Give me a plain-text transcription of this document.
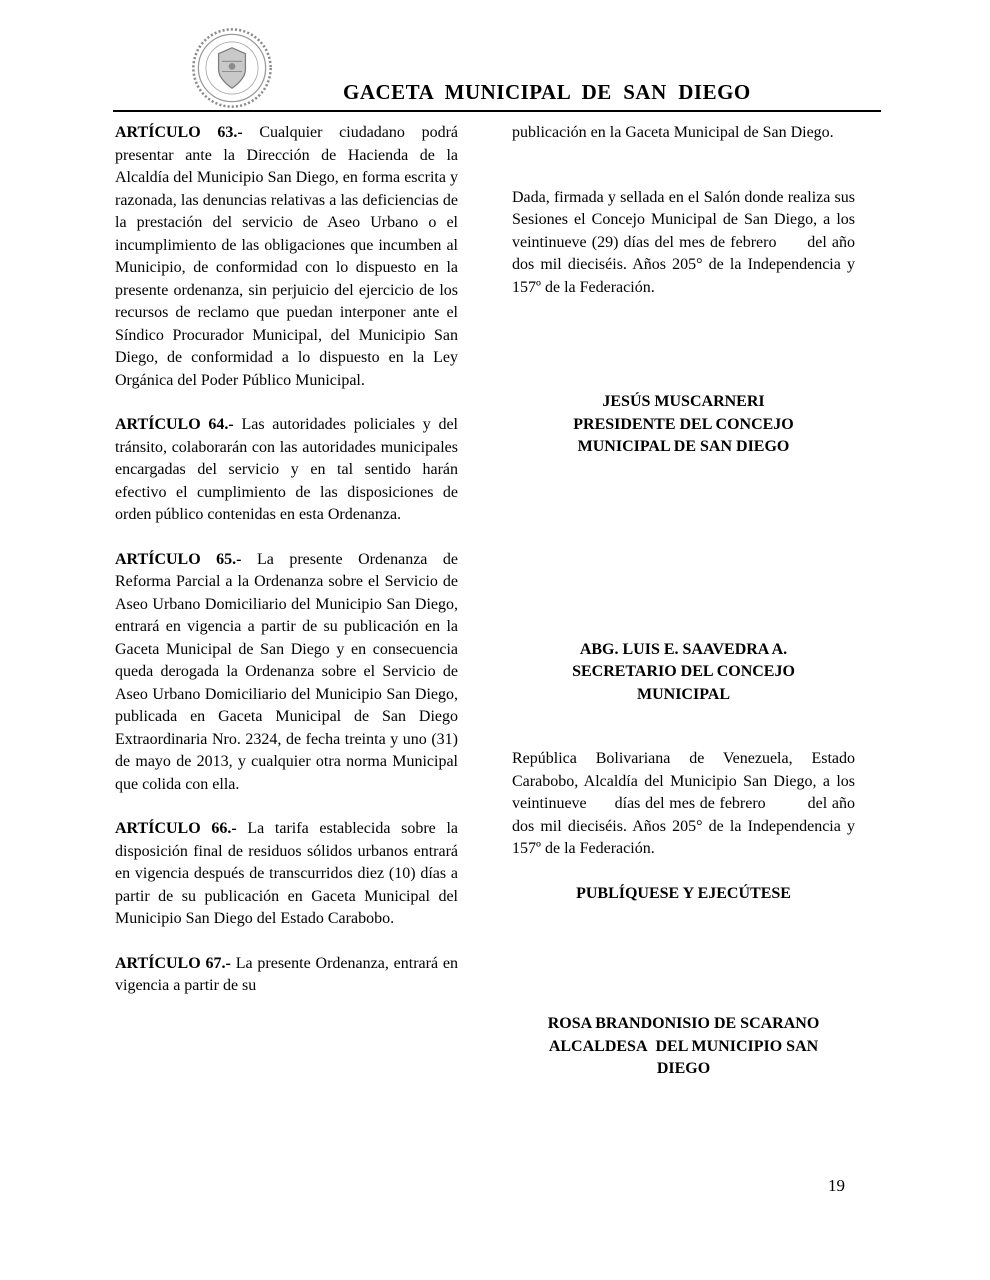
GACETA  MUNICIPAL  DE  SAN  DIEGO

ARTÍCULO 63.- Cualquier ciudadano podrá presentar ante la Dirección de Hacienda de la Alcaldía del Municipio San Diego, en forma escrita y razonada, las denuncias relativas a las deficiencias de la prestación del servicio de Aseo Urbano o el incumplimiento de las obligaciones que incumben al Municipio, de conformidad con lo dispuesto en la presente ordenanza, sin perjuicio del ejercicio de los recursos de reclamo que puedan interponer ante el Síndico Procurador Municipal, del Municipio San Diego, de conformidad a lo dispuesto en la Ley Orgánica del Poder Público Municipal.

ARTÍCULO 64.- Las autoridades policiales y del tránsito, colaborarán con las autoridades municipales encargadas del servicio y en tal sentido harán efectivo el cumplimiento de las disposiciones de orden público contenidas en esta Ordenanza.

ARTÍCULO 65.- La presente Ordenanza de Reforma Parcial a la Ordenanza sobre el Servicio de Aseo Urbano Domiciliario del Municipio San Diego, entrará en vigencia a partir de su publicación en la Gaceta Municipal de San Diego y en consecuencia queda derogada la Ordenanza sobre el Servicio de Aseo Urbano Domiciliario del Municipio San Diego, publicada en Gaceta Municipal de San Diego Extraordinaria Nro. 2324, de fecha treinta y uno (31) de mayo de 2013, y cualquier otra norma Municipal que colida con ella.

ARTÍCULO 66.- La tarifa establecida sobre la disposición final de residuos sólidos urbanos entrará en vigencia después de transcurridos diez (10) días a partir de su publicación en Gaceta Municipal del Municipio San Diego del Estado Carabobo.

ARTÍCULO 67.- La presente Ordenanza, entrará en vigencia a partir de su

publicación en la Gaceta Municipal de San Diego.

Dada, firmada y sellada en el Salón donde realiza sus Sesiones el Concejo Municipal de San Diego, a los veintinueve (29) días del mes de febrero      del año dos mil dieciséis. Años 205° de la Independencia y 157º de la Federación.

JESÚS MUSCARNERI
PRESIDENTE DEL CONCEJO
MUNICIPAL DE SAN DIEGO
ABG. LUIS E. SAAVEDRA A.
SECRETARIO DEL CONCEJO
MUNICIPAL

República Bolivariana de Venezuela, Estado Carabobo, Alcaldía del Municipio San Diego, a los veintinueve      días del mes de febrero         del año dos mil dieciséis. Años 205° de la Independencia y 157º de la Federación.

PUBLÍQUESE Y EJECÚTESE
ROSA BRANDONISIO DE SCARANO
ALCALDESA  DEL MUNICIPIO SAN
DIEGO
19
